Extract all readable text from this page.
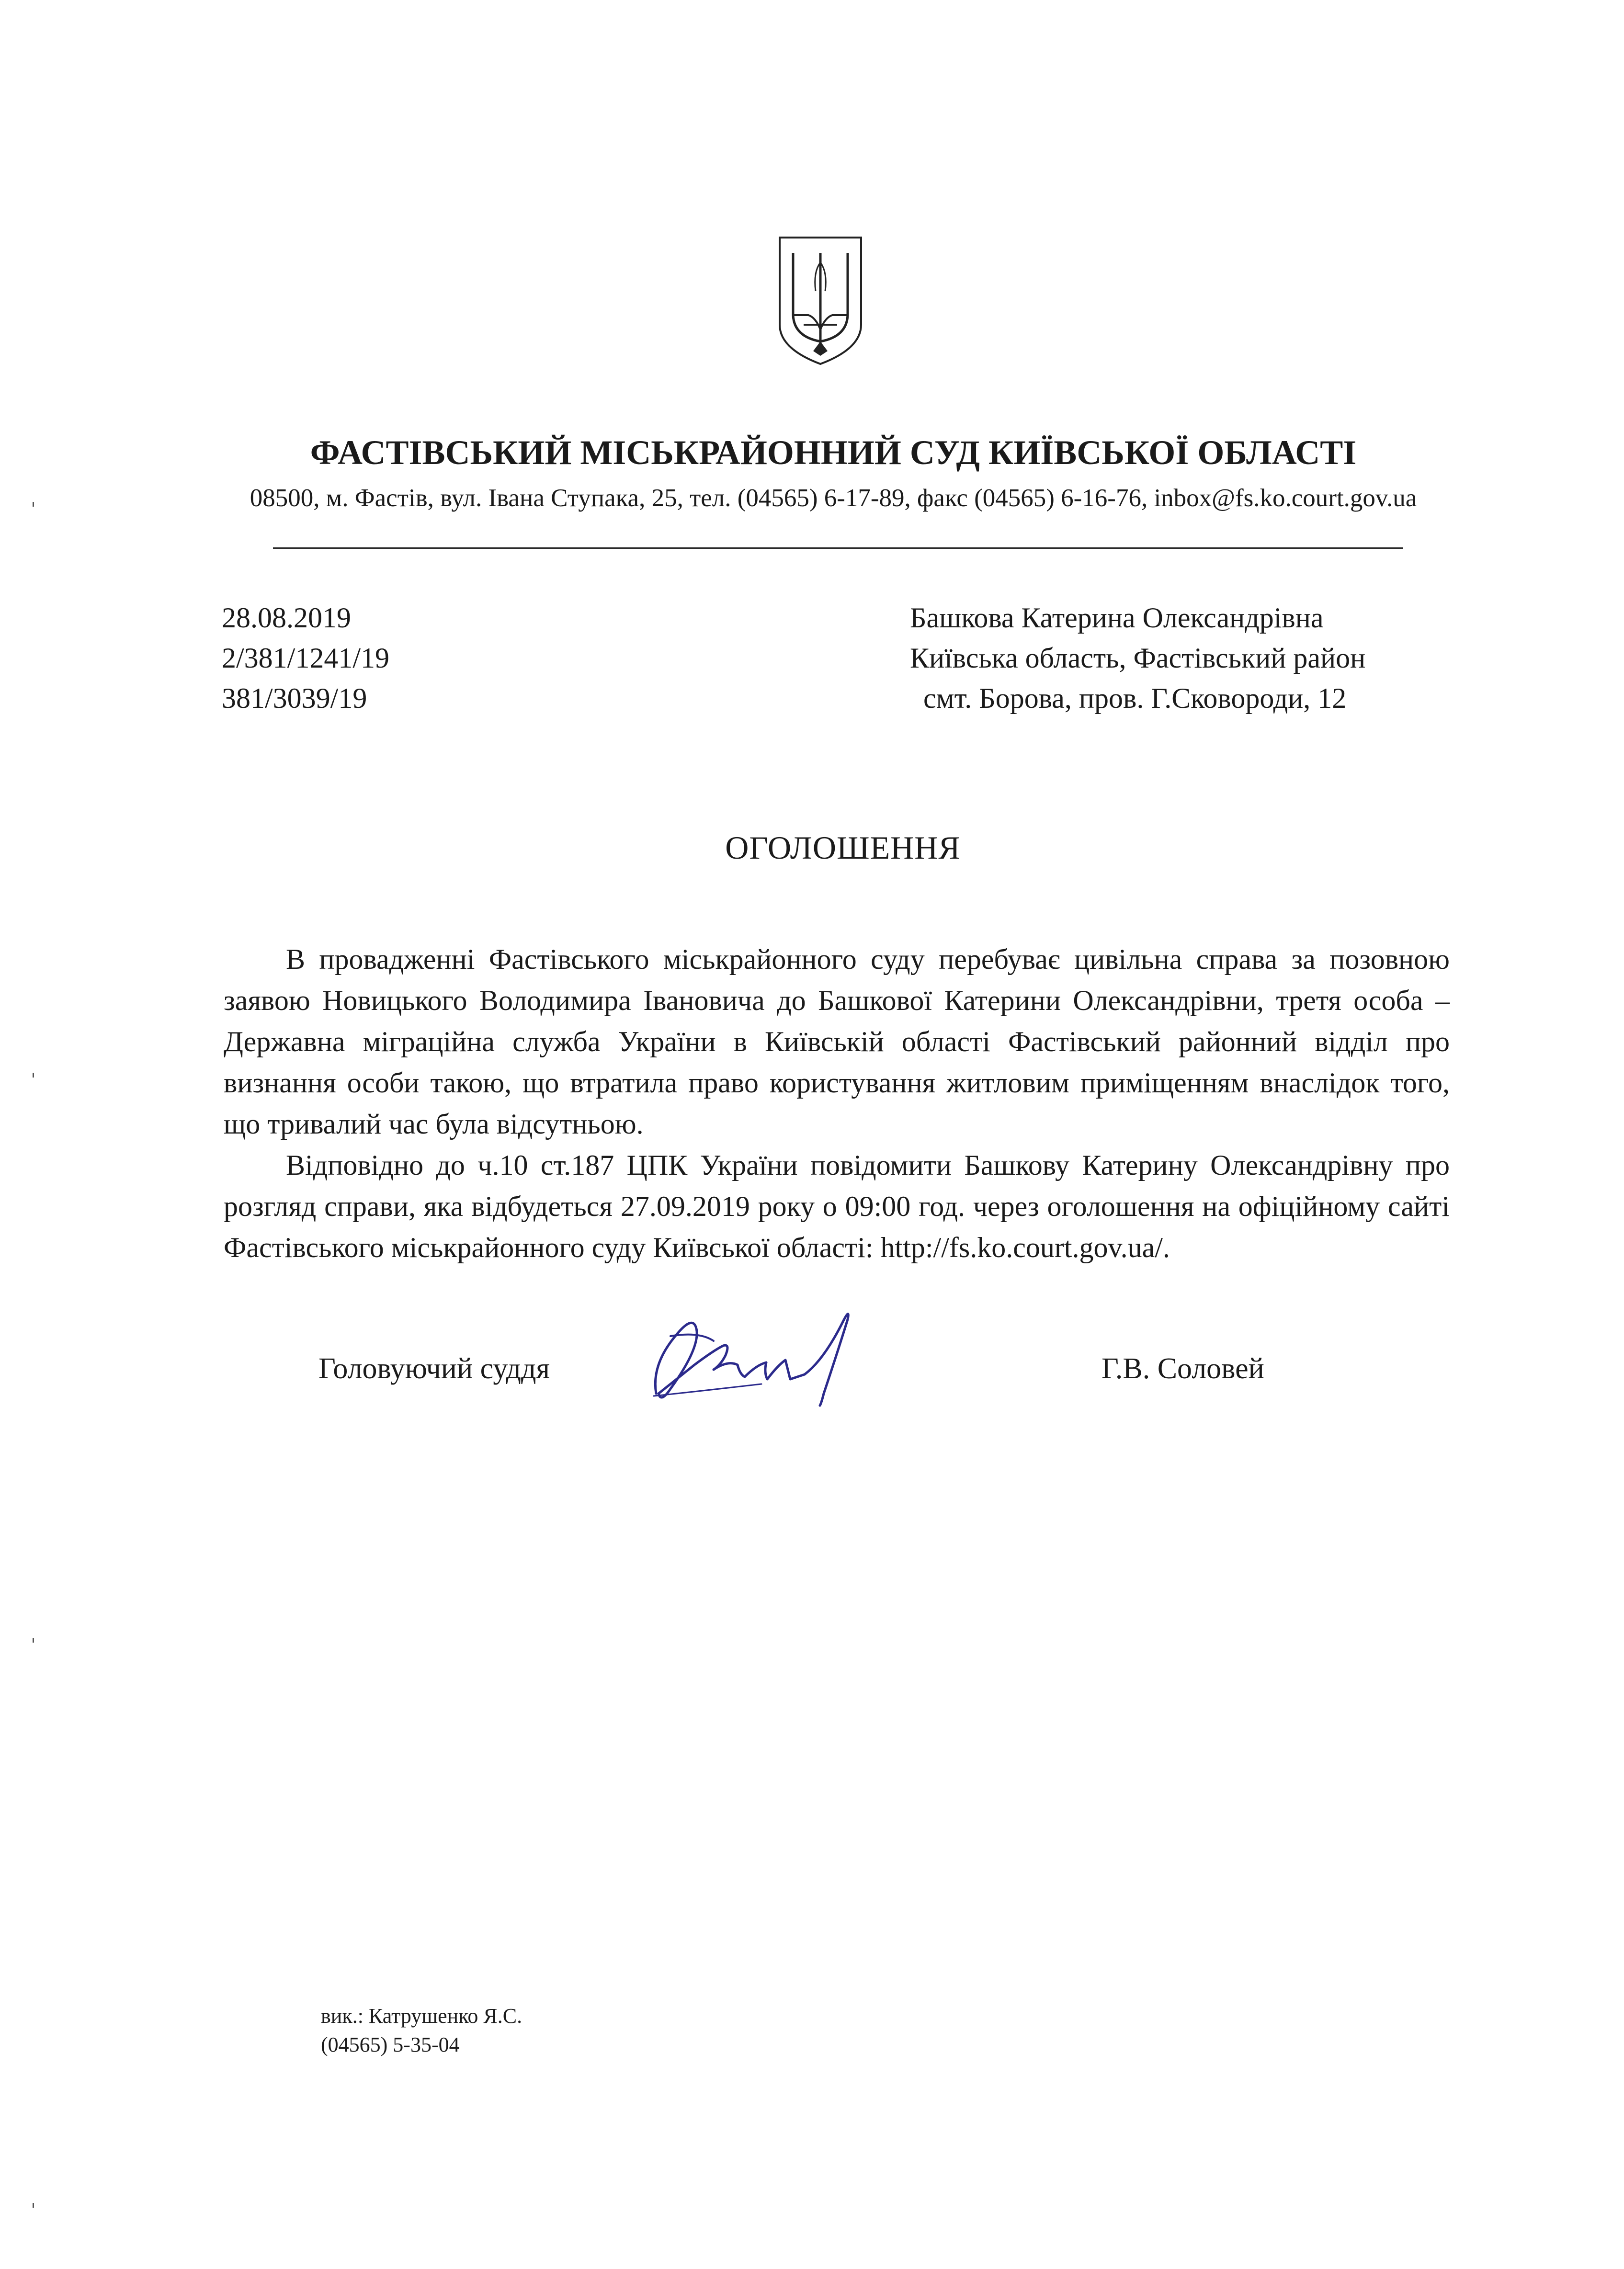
ФАСТІВСЬКИЙ МІСЬКРАЙОННИЙ СУД КИЇВСЬКОЇ ОБЛАСТІ
08500, м. Фастів, вул. Івана Ступака, 25, тел. (04565) 6-17-89, факс (04565) 6-16-76, inbox@fs.ko.court.gov.ua
28.08.2019
2/381/1241/19
381/3039/19
Башкова Катерина Олександрівна
Київська область, Фастівський район
смт. Борова, пров. Г.Сковороди, 12
ОГОЛОШЕННЯ

В провадженні Фастівського міськрайонного суду перебуває цивільна справа за позовною заявою Новицького Володимира Івановича до Башкової Катерини Олександрівни, третя особа – Державна міграційна служба України в Київській області Фастівський районний відділ про визнання особи такою, що втратила право користування житловим приміщенням внаслідок того, що тривалий час була відсутньою.

Відповідно до ч.10 ст.187 ЦПК України повідомити Башкову Катерину Олександрівну про розгляд справи, яка відбудеться 27.09.2019 року о 09:00 год. через оголошення на офіційному сайті Фастівського міськрайонного суду Київської області: http://fs.ko.court.gov.ua/.

Головуючий суддя	Г.В. Соловей
вик.: Катрушенко Я.С.
(04565) 5-35-04
